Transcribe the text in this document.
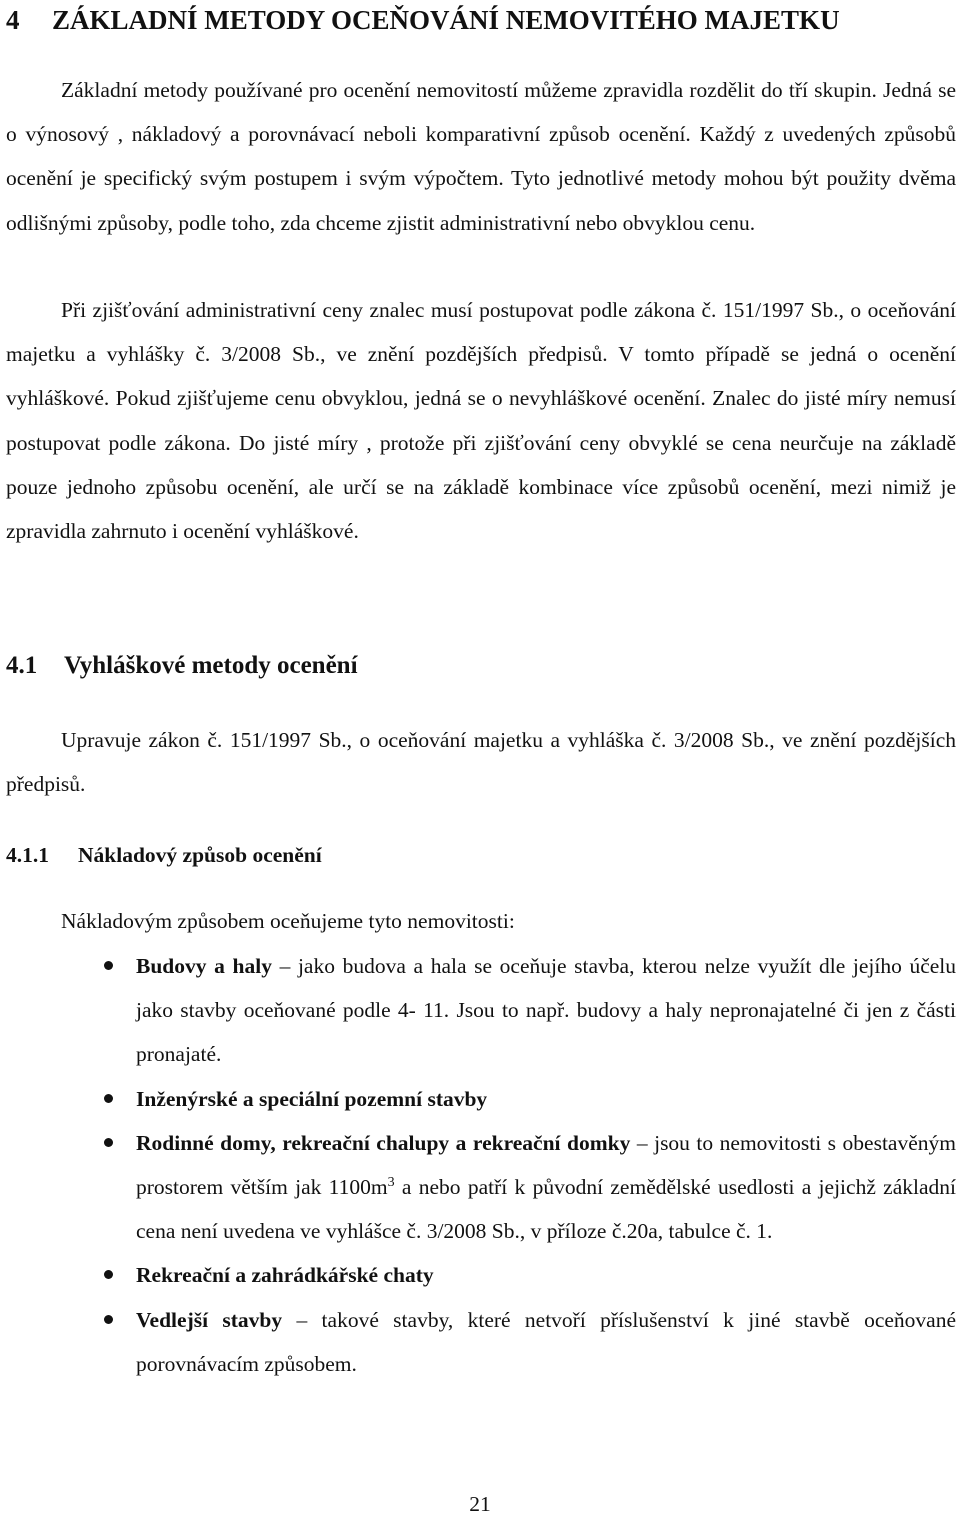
4 ZÁKLADNÍ METODY OCEŇOVÁNÍ NEMOVITÉHO MAJETKU

Základní metody používané pro ocenění nemovitostí můžeme zpravidla rozdělit do tří skupin. Jedná se o výnosový , nákladový a porovnávací neboli komparativní způsob ocenění. Každý z uvedených způsobů ocenění je specifický svým postupem i svým výpočtem. Tyto jednotlivé metody mohou být použity dvěma odlišnými způsoby, podle toho, zda chceme zjistit administrativní nebo obvyklou cenu.

Při zjišťování administrativní ceny znalec musí postupovat podle zákona č. 151/1997 Sb., o oceňování majetku a vyhlášky č. 3/2008 Sb., ve znění pozdějších předpisů. V tomto případě se jedná o ocenění vyhláškové. Pokud zjišťujeme cenu obvyklou, jedná se o nevyhláškové ocenění. Znalec do jisté míry nemusí postupovat podle zákona. Do jisté míry , protože při zjišťování ceny obvyklé se cena neurčuje na základě pouze jednoho způsobu ocenění, ale určí se na základě kombinace více způsobů ocenění, mezi nimiž je zpravidla zahrnuto i ocenění vyhláškové.

4.1 Vyhláškové metody ocenění

Upravuje zákon č. 151/1997 Sb., o oceňování majetku a vyhláška č. 3/2008 Sb., ve znění pozdějších předpisů.

4.1.1 Nákladový způsob ocenění

Nákladovým způsobem oceňujeme tyto nemovitosti:

Budovy a haly – jako budova a hala se oceňuje stavba, kterou nelze využít dle jejího účelu jako stavby oceňované podle 4- 11. Jsou to např. budovy a haly nepronajatelné či jen z části pronajaté.
Inženýrské a speciální pozemní stavby
Rodinné domy, rekreační chalupy a rekreační domky – jsou to nemovitosti s obestavěným prostorem větším jak $1100m^3$ a nebo patří k původní zemědělské usedlosti a jejichž základní cena není uvedena ve vyhlášce č. 3/2008 Sb., v příloze č.20a, tabulce č. 1.
Rekreační a zahrádkářské chaty
Vedlejší stavby – takové stavby, které netvoří příslušenství k jiné stavbě oceňované porovnávacím způsobem.
21
